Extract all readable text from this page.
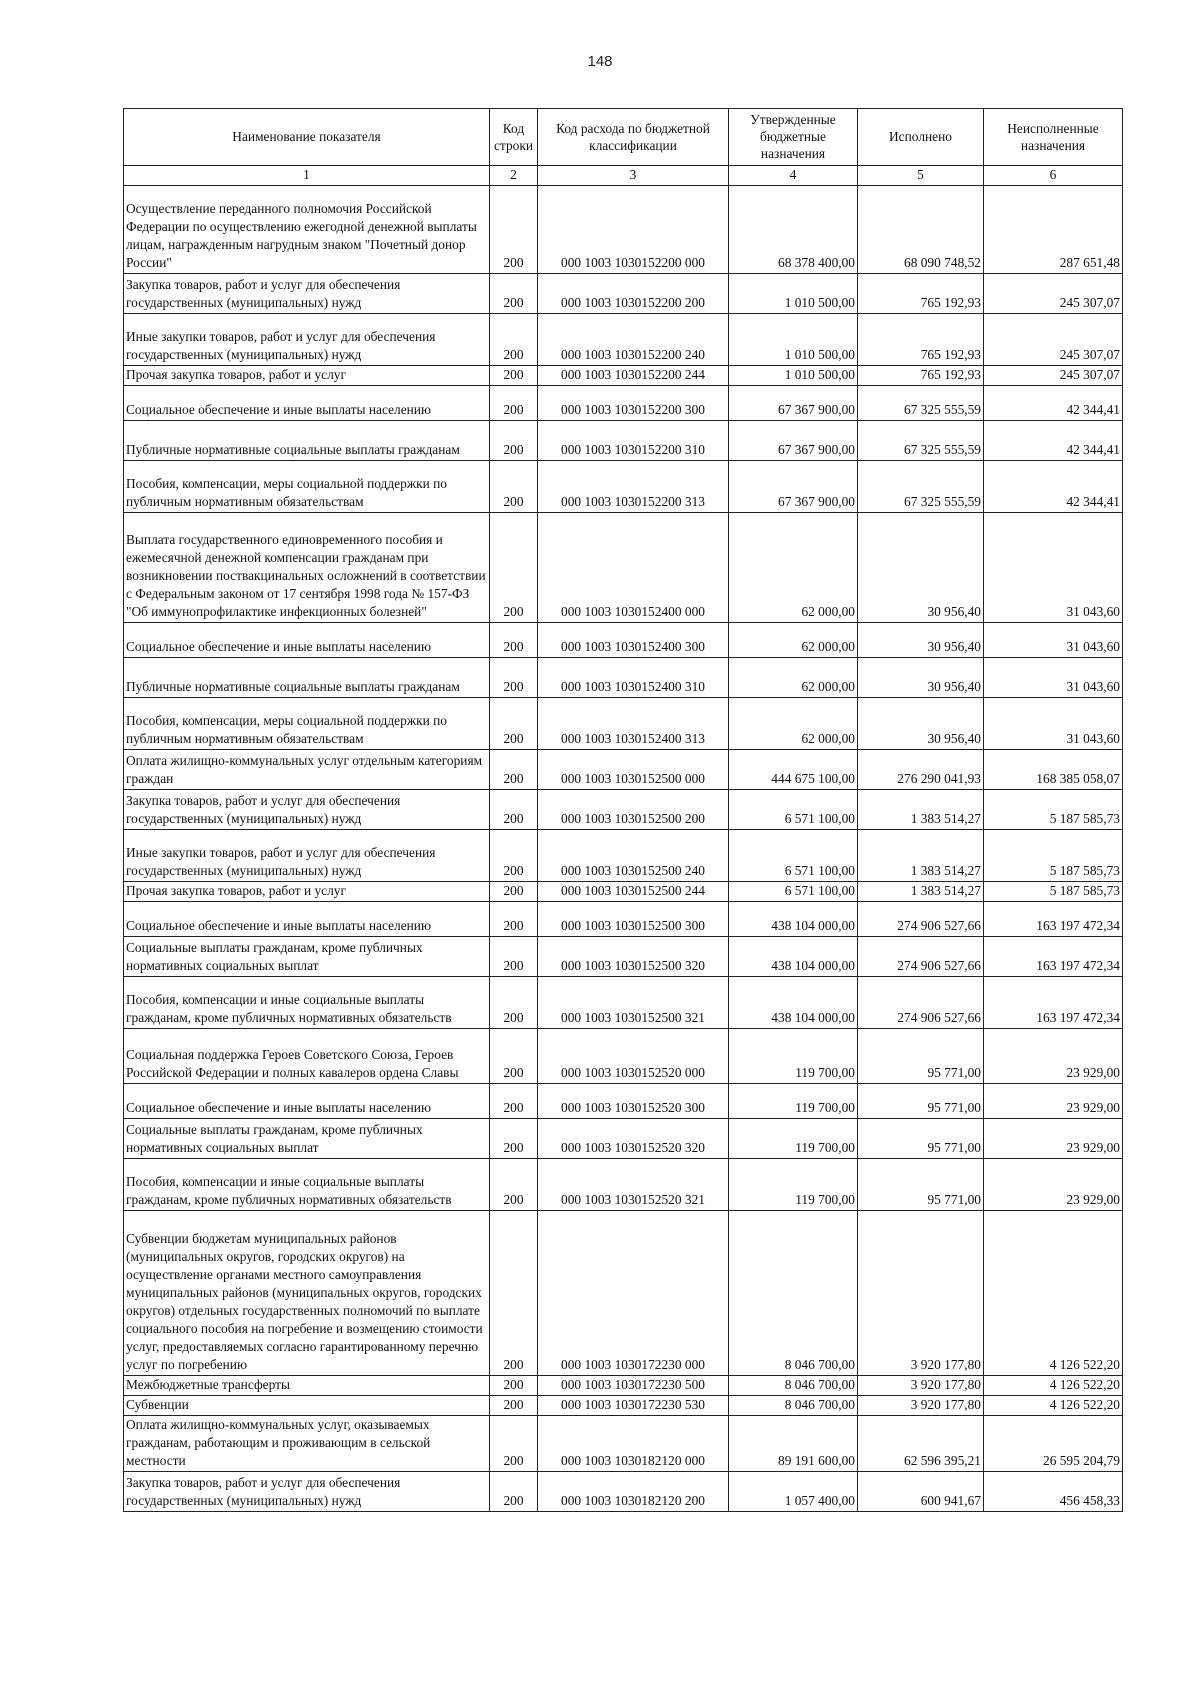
148
Наименование показателя	Код строки	Код расхода по бюджетной классификации	Утвержденные бюджетные назначения	Исполнено	Неисполненные назначения
1	2	3	4	5	6
Осуществление переданного полномочия Российской Федерации по осуществлению ежегодной денежной выплаты лицам, награжденным нагрудным знаком "Почетный донор России"	200	000 1003 1030152200 000	68 378 400,00	68 090 748,52	287 651,48
Закупка товаров, работ и услуг для обеспечения государственных (муниципальных) нужд	200	000 1003 1030152200 200	1 010 500,00	765 192,93	245 307,07
Иные закупки товаров, работ и услуг для обеспечения государственных (муниципальных) нужд	200	000 1003 1030152200 240	1 010 500,00	765 192,93	245 307,07
Прочая закупка товаров, работ и услуг	200	000 1003 1030152200 244	1 010 500,00	765 192,93	245 307,07
Социальное обеспечение и иные выплаты населению	200	000 1003 1030152200 300	67 367 900,00	67 325 555,59	42 344,41
Публичные нормативные социальные выплаты гражданам	200	000 1003 1030152200 310	67 367 900,00	67 325 555,59	42 344,41
Пособия, компенсации, меры социальной поддержки по публичным нормативным обязательствам	200	000 1003 1030152200 313	67 367 900,00	67 325 555,59	42 344,41
Выплата государственного единовременного пособия и ежемесячной денежной компенсации гражданам при возникновении поствакцинальных осложнений в соответствии с Федеральным законом от 17 сентября 1998 года № 157-ФЗ "Об иммунопрофилактике инфекционных болезней"	200	000 1003 1030152400 000	62 000,00	30 956,40	31 043,60
Социальное обеспечение и иные выплаты населению	200	000 1003 1030152400 300	62 000,00	30 956,40	31 043,60
Публичные нормативные социальные выплаты гражданам	200	000 1003 1030152400 310	62 000,00	30 956,40	31 043,60
Пособия, компенсации, меры социальной поддержки по публичным нормативным обязательствам	200	000 1003 1030152400 313	62 000,00	30 956,40	31 043,60
Оплата жилищно-коммунальных услуг отдельным категориям граждан	200	000 1003 1030152500 000	444 675 100,00	276 290 041,93	168 385 058,07
Закупка товаров, работ и услуг для обеспечения государственных (муниципальных) нужд	200	000 1003 1030152500 200	6 571 100,00	1 383 514,27	5 187 585,73
Иные закупки товаров, работ и услуг для обеспечения государственных (муниципальных) нужд	200	000 1003 1030152500 240	6 571 100,00	1 383 514,27	5 187 585,73
Прочая закупка товаров, работ и услуг	200	000 1003 1030152500 244	6 571 100,00	1 383 514,27	5 187 585,73
Социальное обеспечение и иные выплаты населению	200	000 1003 1030152500 300	438 104 000,00	274 906 527,66	163 197 472,34
Социальные выплаты гражданам, кроме публичных нормативных социальных выплат	200	000 1003 1030152500 320	438 104 000,00	274 906 527,66	163 197 472,34
Пособия, компенсации и иные социальные выплаты гражданам, кроме публичных нормативных обязательств	200	000 1003 1030152500 321	438 104 000,00	274 906 527,66	163 197 472,34
Социальная поддержка Героев Советского Союза, Героев Российской Федерации и полных кавалеров ордена Славы	200	000 1003 1030152520 000	119 700,00	95 771,00	23 929,00
Социальное обеспечение и иные выплаты населению	200	000 1003 1030152520 300	119 700,00	95 771,00	23 929,00
Социальные выплаты гражданам, кроме публичных нормативных социальных выплат	200	000 1003 1030152520 320	119 700,00	95 771,00	23 929,00
Пособия, компенсации и иные социальные выплаты гражданам, кроме публичных нормативных обязательств	200	000 1003 1030152520 321	119 700,00	95 771,00	23 929,00
Субвенции бюджетам муниципальных районов (муниципальных округов, городских округов) на осуществление органами местного самоуправления муниципальных районов (муниципальных округов, городских округов) отдельных государственных полномочий по выплате социального пособия на погребение и возмещению стоимости услуг, предоставляемых согласно гарантированному перечню услуг по погребению	200	000 1003 1030172230 000	8 046 700,00	3 920 177,80	4 126 522,20
Межбюджетные трансферты	200	000 1003 1030172230 500	8 046 700,00	3 920 177,80	4 126 522,20
Субвенции	200	000 1003 1030172230 530	8 046 700,00	3 920 177,80	4 126 522,20
Оплата жилищно-коммунальных услуг, оказываемых гражданам, работающим и проживающим в сельской местности	200	000 1003 1030182120 000	89 191 600,00	62 596 395,21	26 595 204,79
Закупка товаров, работ и услуг для обеспечения государственных (муниципальных) нужд	200	000 1003 1030182120 200	1 057 400,00	600 941,67	456 458,33
